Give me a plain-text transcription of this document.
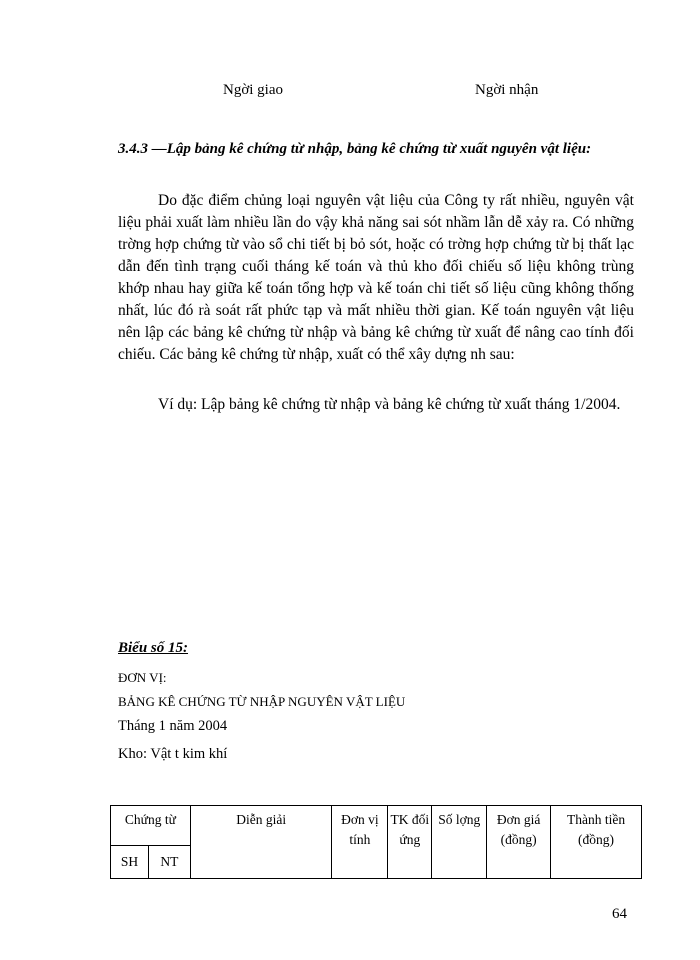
Ngời giao	Ngời nhận
3.4.3 —Lập bảng kê chứng từ nhập, bảng kê chứng từ xuất nguyên vật liệu:
Do đặc điểm chủng loại nguyên vật liệu của Công ty rất nhiều, nguyên vật liệu phải xuất làm nhiều lần do vậy khả năng sai sót nhầm lẫn dễ xảy ra. Có những trờng hợp chứng từ vào sổ chi tiết bị bỏ sót, hoặc có trờng hợp chứng từ bị thất lạc dẫn đến tình trạng cuối tháng kế toán và thủ kho đối chiếu số liệu không trùng khớp nhau hay giữa kế toán tổng hợp và kế toán chi tiết số liệu cũng không thống nhất, lúc đó rà soát rất phức tạp và mất nhiều thời gian. Kế toán nguyên vật liệu nên lập các bảng kê chứng từ nhập và bảng kê chứng từ xuất để nâng cao tính đối chiếu. Các bảng kê chứng từ nhập, xuất có thể xây dựng nh sau:
Ví dụ: Lập bảng kê chứng từ nhập và bảng kê chứng từ xuất tháng 1/2004.
Biểu số 15:
ĐƠN VỊ:
BẢNG KÊ CHỨNG TỪ NHẬP NGUYÊN VẬT LIỆU
Tháng 1 năm 2004
Kho: Vật t kim khí
Chứng từ		Diễn giải	Đơn vị tính	TK đối ứng	Số lợng	Đơn giá (đồng)	Thành tiền (đồng)
SH	NT						
64
